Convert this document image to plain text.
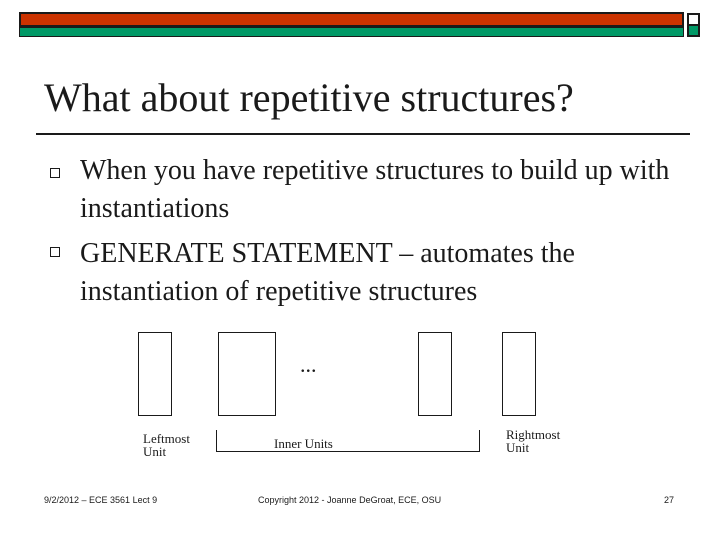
What about repetitive structures?
When you have repetitive structures to build up with instantiations
GENERATE STATEMENT – automates the instantiation of repetitive structures
...
Leftmost Unit
Inner Units
Rightmost Unit
9/2/2012 – ECE 3561 Lect 9	Copyright 2012 - Joanne DeGroat, ECE, OSU	27
